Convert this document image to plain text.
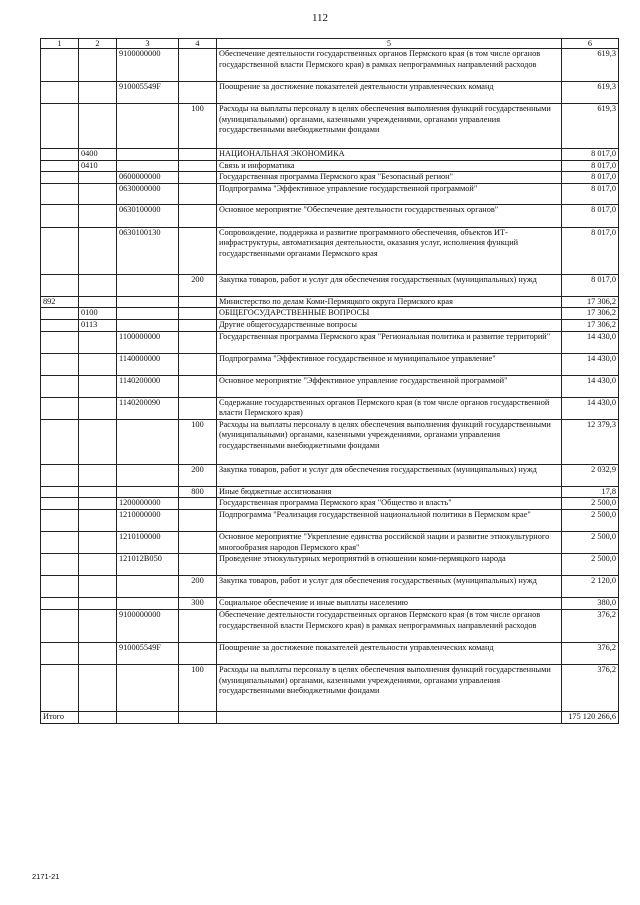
112
1	2	3	4	5	6
		9100000000		Обеспечение деятельности государственных органов Пермского края (в том числе органов государственной власти Пермского края) в рамках непрограммных направлений расходов	619,3
		910005549F		Поощрение за достижение показателей деятельности управленческих команд	619,3
			100	Расходы на выплаты персоналу в целях обеспечения выполнения функций государственными (муниципальными) органами, казенными учреждениями, органами управления государственными внебюджетными фондами	619,3
	0400			НАЦИОНАЛЬНАЯ ЭКОНОМИКА	8 017,0
	0410			Связь и информатика	8 017,0
		0600000000		Государственная программа Пермского края "Безопасный регион"	8 017,0
		0630000000		Подпрограмма "Эффективное управление государственной программой"	8 017,0
		0630100000		Основное мероприятие "Обеспечение деятельности государственных органов"	8 017,0
		0630100130		Сопровождение, поддержка и развитие программного обеспечения, объектов ИТ-инфраструктуры, автоматизация деятельности, оказания услуг, исполнения функций государственными органами Пермского края	8 017,0
			200	Закупка товаров, работ и услуг для обеспечения государственных (муниципальных) нужд	8 017,0
892				Министерство по делам Коми-Пермяцкого округа Пермского края	17 306,2
	0100			ОБЩЕГОСУДАРСТВЕННЫЕ ВОПРОСЫ	17 306,2
	0113			Другие общегосударственные вопросы	17 306,2
		1100000000		Государственная программа Пермского края "Региональная политика и развитие территорий"	14 430,0
		1140000000		Подпрограмма "Эффективное государственное и муниципальное управление"	14 430,0
		1140200000		Основное мероприятие "Эффективное управление государственной программой"	14 430,0
		1140200090		Содержание государственных органов Пермского края (в том числе органов государственной власти Пермского края)	14 430,0
			100	Расходы на выплаты персоналу в целях обеспечения выполнения функций государственными (муниципальными) органами, казенными учреждениями, органами управления государственными внебюджетными фондами	12 379,3
			200	Закупка товаров, работ и услуг для обеспечения государственных (муниципальных) нужд	2 032,9
			800	Иные бюджетные ассигнования	17,8
		1200000000		Государственная программа Пермского края "Общество и власть"	2 500,0
		1210000000		Подпрограмма "Реализация государственной национальной политики в Пермском крае"	2 500,0
		1210100000		Основное мероприятие "Укрепление единства российской нации и развитие этнокультурного многообразия народов Пермского края"	2 500,0
		121012В050		Проведение этнокультурных мероприятий в отношении коми-пермяцкого народа	2 500,0
			200	Закупка товаров, работ и услуг для обеспечения государственных (муниципальных) нужд	2 120,0
			300	Социальное обеспечение и иные выплаты населению	380,0
		9100000000		Обеспечение деятельности государственных органов Пермского края (в том числе органов государственной власти Пермского края) в рамках непрограммных направлений расходов	376,2
		910005549F		Поощрение за достижение показателей деятельности управленческих команд	376,2
			100	Расходы на выплаты персоналу в целях обеспечения выполнения функций государственными (муниципальными) органами, казенными учреждениями, органами управления государственными внебюджетными фондами	376,2
Итого					175 120 266,6
2171-21
